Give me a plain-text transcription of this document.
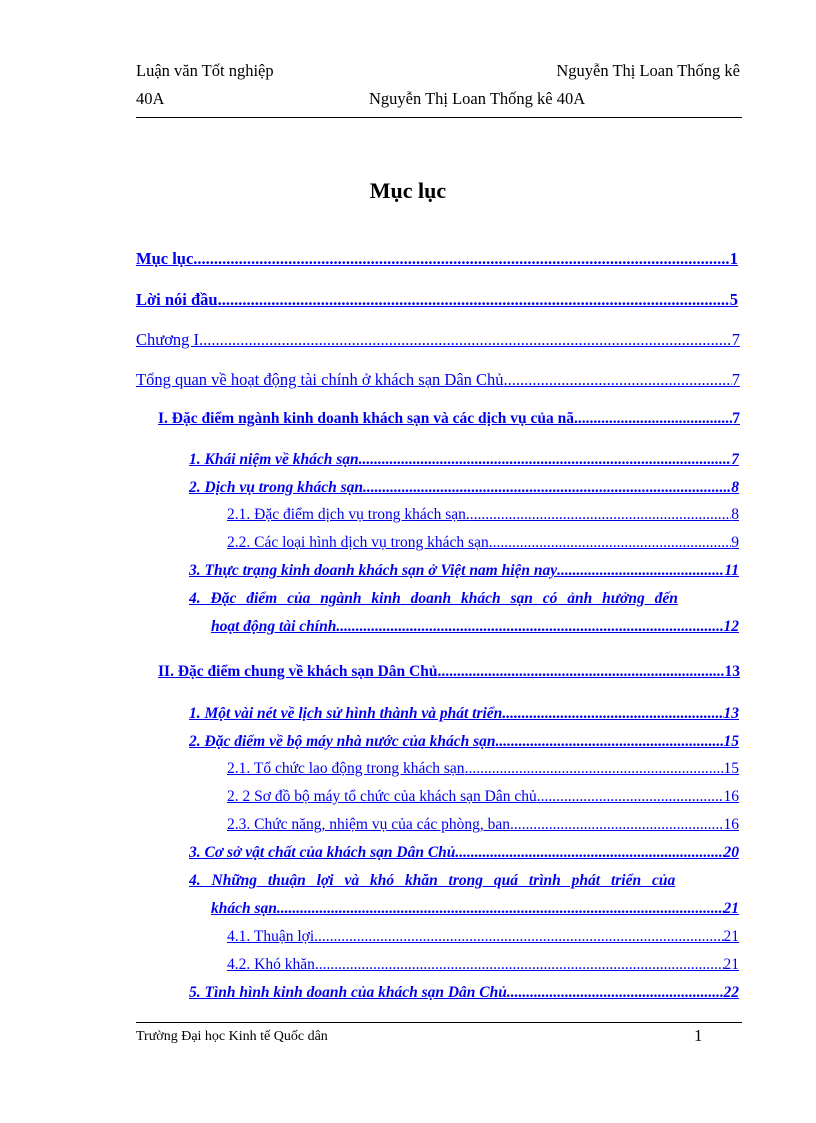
Luận văn Tốt nghiệp	Nguyễn Thị Loan Thống kê
40A	Nguyễn Thị Loan Thống kê 40A
Mục lục
Mục lục .....	1
Lời nói đầu .....	5
Chương I .....	7
Tổng quan về hoạt động tài chính ở khách sạn Dân Chủ .....	7
I. Đặc điểm ngành kinh doanh khách sạn và các dịch vụ của nã .....	7
1. Khái niệm về khách sạn .....	7
2. Dịch vụ trong khách sạn .....	8
2.1. Đặc điểm dịch vụ trong khách sạn .....	8
2.2. Các loại hình dịch vụ trong khách sạn .....	9
3. Thực trạng kinh doanh khách sạn ở Việt nam hiện nay .....	11
4. Đặc điểm của ngành kinh doanh khách sạn có ảnh hưởng đến
hoạt động tài chính .....	12
II. Đặc điểm chung về khách sạn Dân Chủ .....	13
1. Một vài nét về lịch sử hình thành và phát triển .....	13
2. Đặc điểm về bộ máy nhà nước của khách sạn .....	15
2.1. Tổ chức lao động trong khách sạn .....	15
2. 2 Sơ đồ bộ máy tổ chức của khách sạn Dân chủ .....	16
2.3. Chức năng, nhiệm vụ của các phòng, ban .....	16
3. Cơ sở vật chất của khách sạn Dân Chủ .....	20
4. Những thuận lợi và khó khăn trong quá trình phát triển của
khách sạn .....	21
4.1. Thuận lợi .....	21
4.2. Khó khăn .....	21
5. Tình hình kinh doanh của khách sạn Dân Chủ .....	22
Trường Đại học Kinh tế Quốc dân	1
